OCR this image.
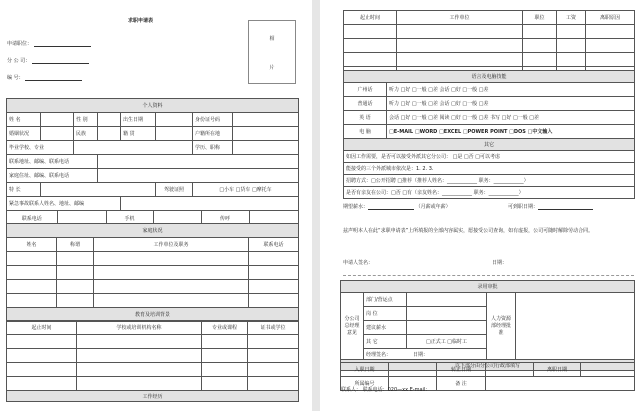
求职申请表
申请职位：
分 公 司：
编 号：
相
片
个人资料
姓 名		性 别		出生日期		身份证号码	
婚姻状况		民族		籍 贯		户籍所在地	
毕业学校、专业		学历、职称	
联系地址、邮编、联系电话	
家庭住址、邮编、联系电话	
特 长		驾驶证照	□小车 □货车 □摩托车
紧急事故联系人姓名、地址、邮编	

联系电话		手机		传呼	
家庭状况			
姓名	称谓	工作单位及职务	联系电话

教育及培训背景			
起止时间	学校或培训机构名称	专业或课程	证书或学位

工作经历			
起止时间	工作单位	职位	工资	离职原因

语言及电脑技能	
广州话	听力 □好 □一般 □差 会话 □好 □一般 □差
普通话	听力 □好 □一般 □差 会话 □好 □一般 □差
英 语	会话 □好 □一般 □差 阅读 □好 □一般 □差 书写 □好 □一般 □差
电 脑	□E-MAIL □WORD □EXCEL □POWER POINT □DOS □中文输入
其它	
如因工作需要，是否可以接受外派其它分公司： □是 □否 □可以考虑	
能接受的三个外派城市依次是：1. 2. 3.	
招聘方式：□公开招聘 □推荐（推荐人姓名：____________ 职务：____________）	
是否有亲友在公司：□否 □有（亲友姓名：____________ 职务：____________）	
期望薪水：	（月薪或年薪）	可到职日期：
兹声明本人在此“求职申请表”上所填报的全部内容属实，愿接受公司查询，如有虚报，公司可随时解除劳动合同。
申请人签名：	日期：
录用审批				
分公司总经理意见	部门/营运点		人力资源部经理批准	
	岗 位			
	建议薪水			
	其 它	□正式工 □临时工		
	经理签名： 日期：			
以下部分由分公司行政部填写				
入职日期		转正日期		离职日期	
所属编号		备 注			
联系人： 联系电话：020—xx E-mail：
